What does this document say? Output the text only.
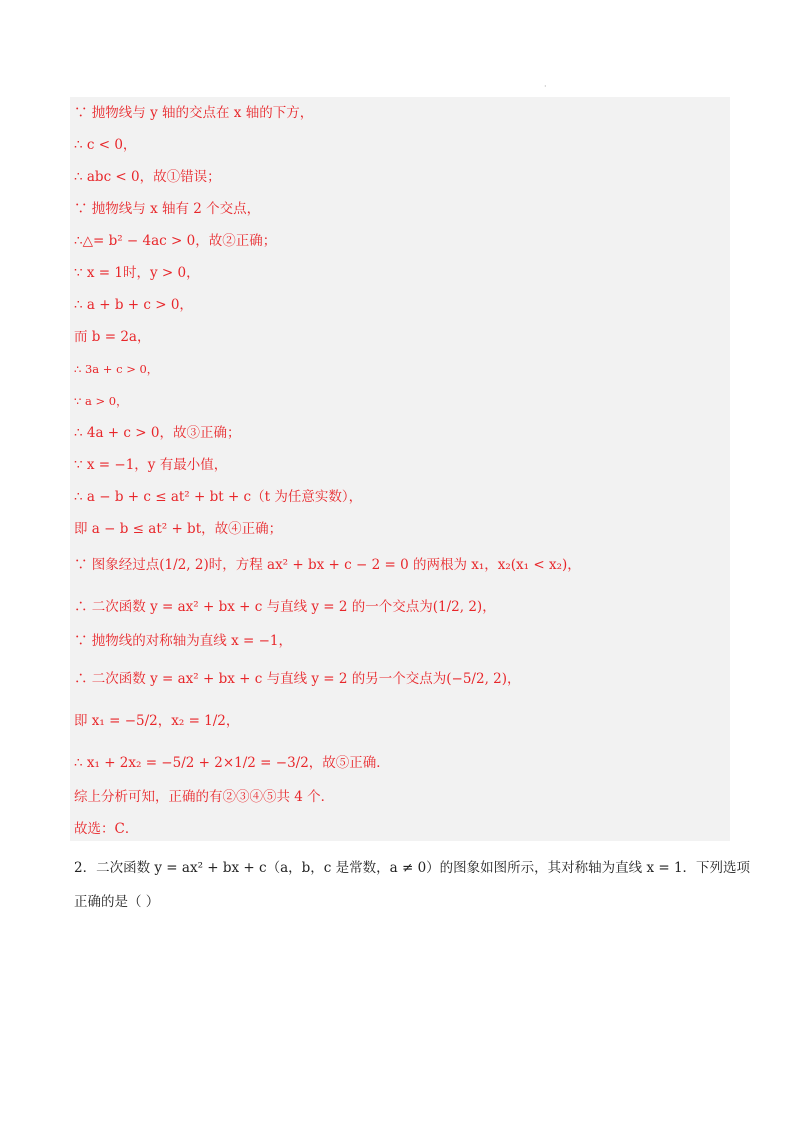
·
∵ 抛物线与 y 轴的交点在 x 轴的下方，
∴ c < 0，
∴ abc < 0，故①错误；
∵ 抛物线与 x 轴有 2 个交点，
∴△= b² − 4ac > 0，故②正确；
∵ x = 1时，y > 0，
∴ a + b + c > 0，
而 b = 2a，
∴ 3a + c > 0，
∵ a > 0，
∴ 4a + c > 0，故③正确；
∵ x = −1，y 有最小值，
∴ a − b + c ≤ at² + bt + c（t 为任意实数），
即 a − b ≤ at² + bt，故④正确；
∵ 图象经过点(1/2, 2)时，方程 ax² + bx + c − 2 = 0 的两根为 x₁，x₂(x₁ < x₂)，
∴ 二次函数 y = ax² + bx + c 与直线 y = 2 的一个交点为(1/2, 2)，
∵ 抛物线的对称轴为直线 x = −1，
∴ 二次函数 y = ax² + bx + c 与直线 y = 2 的另一个交点为(−5/2, 2)，
即 x₁ = −5/2，x₂ = 1/2，
∴ x₁ + 2x₂ = −5/2 + 2×1/2 = −3/2，故⑤正确．
综上分析可知，正确的有②③④⑤共 4 个．
故选：C．
2．二次函数 y = ax² + bx + c（a，b，c 是常数，a ≠ 0）的图象如图所示，其对称轴为直线 x = 1．下列选项
正确的是（ ）
